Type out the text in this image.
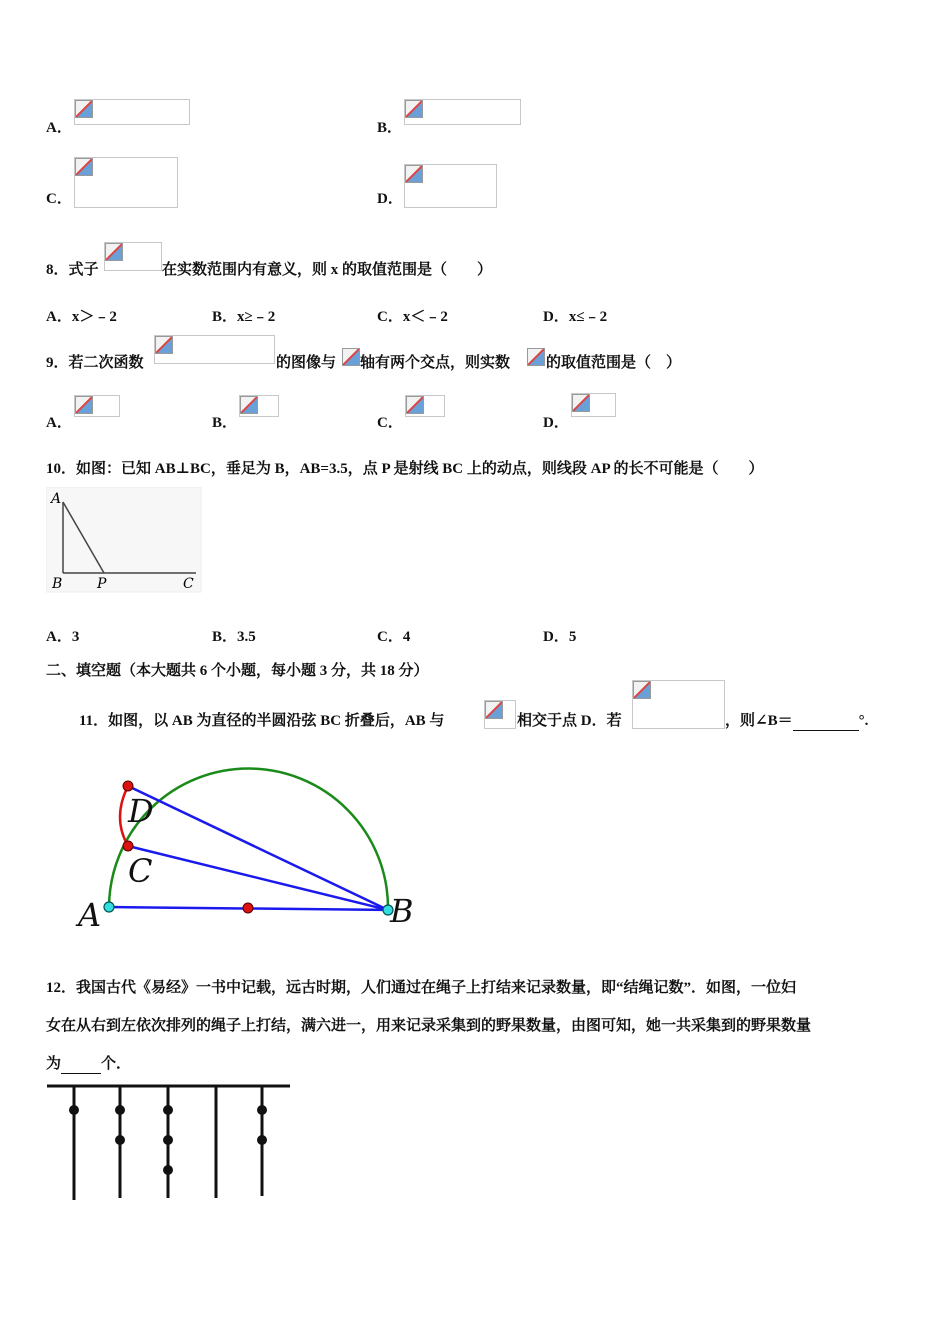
A．	B．
C．	D．
8．式子	在实数范围内有意义，则 x 的取值范围是（　　）
A．x＞﹣2	B．x≥﹣2	C．x＜﹣2	D．x≤﹣2
9．若二次函数	的图像与 轴有两个交点，则实数 的取值范围是（　）
A．	B．	C．	D．
10．如图：已知 AB⊥BC，垂足为 B，AB=3.5，点 P 是射线 BC 上的动点，则线段 AP 的长不可能是（　　）
A
B P	C
A．3	B．3.5	C．4	D．5
二、填空题（本大题共 6 个小题，每小题 3 分，共 18 分）
11．如图，以 AB 为直径的半圆沿弦 BC 折叠后，AB 与	相交于点 D．若	，则∠B＝	°.
D
C
A	B
12．我国古代《易经》一书中记载，远古时期，人们通过在绳子上打结来记录数量，即“结绳记数”．如图，一位妇
女在从右到左依次排列的绳子上打结，满六进一，用来记录采集到的野果数量，由图可知，她一共采集到的野果数量
为	个．
